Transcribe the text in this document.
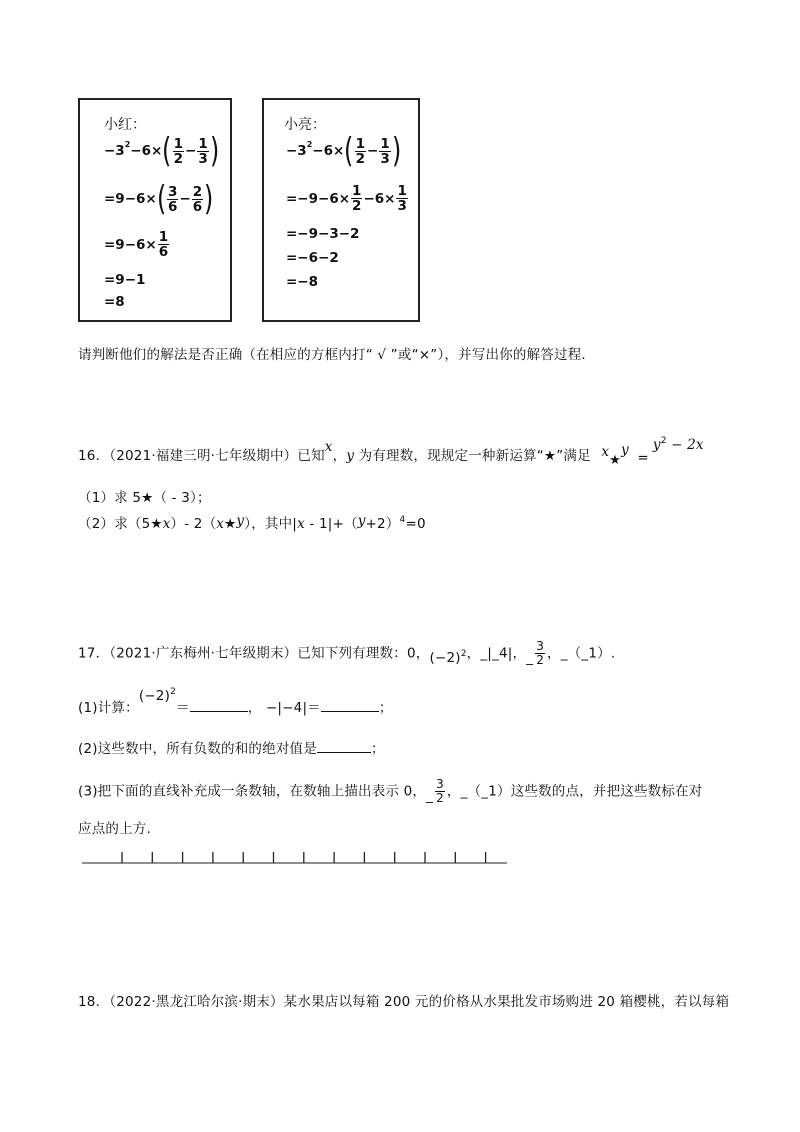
小红：
−3 2 −6× ( $\frac{1}{2} - \frac{1}{3}$ )
=9−6× ( $\frac{3}{6} - \frac{2}{6}$ )
$=9-6\times \frac{1}{6}$
=9−1
=8
小亮：
−3 2 −6× ( $\frac{1}{2} - \frac{1}{3}$ )
$=-9-6\times \frac{1}{2} -6\times \frac{1}{3}$
=−9−3−2
=−6−2
=−8
请判断他们的解法是否正确（在相应的方框内打“ √ ”或“×”），并写出你的解答过程.
16．（2021·福建三明·七年级期中）已知x，y 为有理数，现规定一种新运算“★”满足 x★y $=y^2 - 2x$
（1）求 5★（ - 3）；
（2）求（5★x）- 2（x★y），其中$|x - 1|+(y+2)^4=0$
17．（2021·广东梅州·七年级期末）已知下列有理数：0，(−2)2，_|_4|，_ $\frac{3}{2}$ ，_（_1）.
(1)计算：$(-2)^2=$	， −|−4|＝	；
(2)这些数中，所有负数的和的绝对值是	；
(3)把下面的直线补充成一条数轴，在数轴上描出表示 0，_ $\frac{3}{2}$ ，_（_1）这些数的点，并把这些数标在对
应点的上方.
18．（2022·黑龙江哈尔滨·期末）某水果店以每箱 200 元的价格从水果批发市场购进 20 箱樱桃，若以每箱
